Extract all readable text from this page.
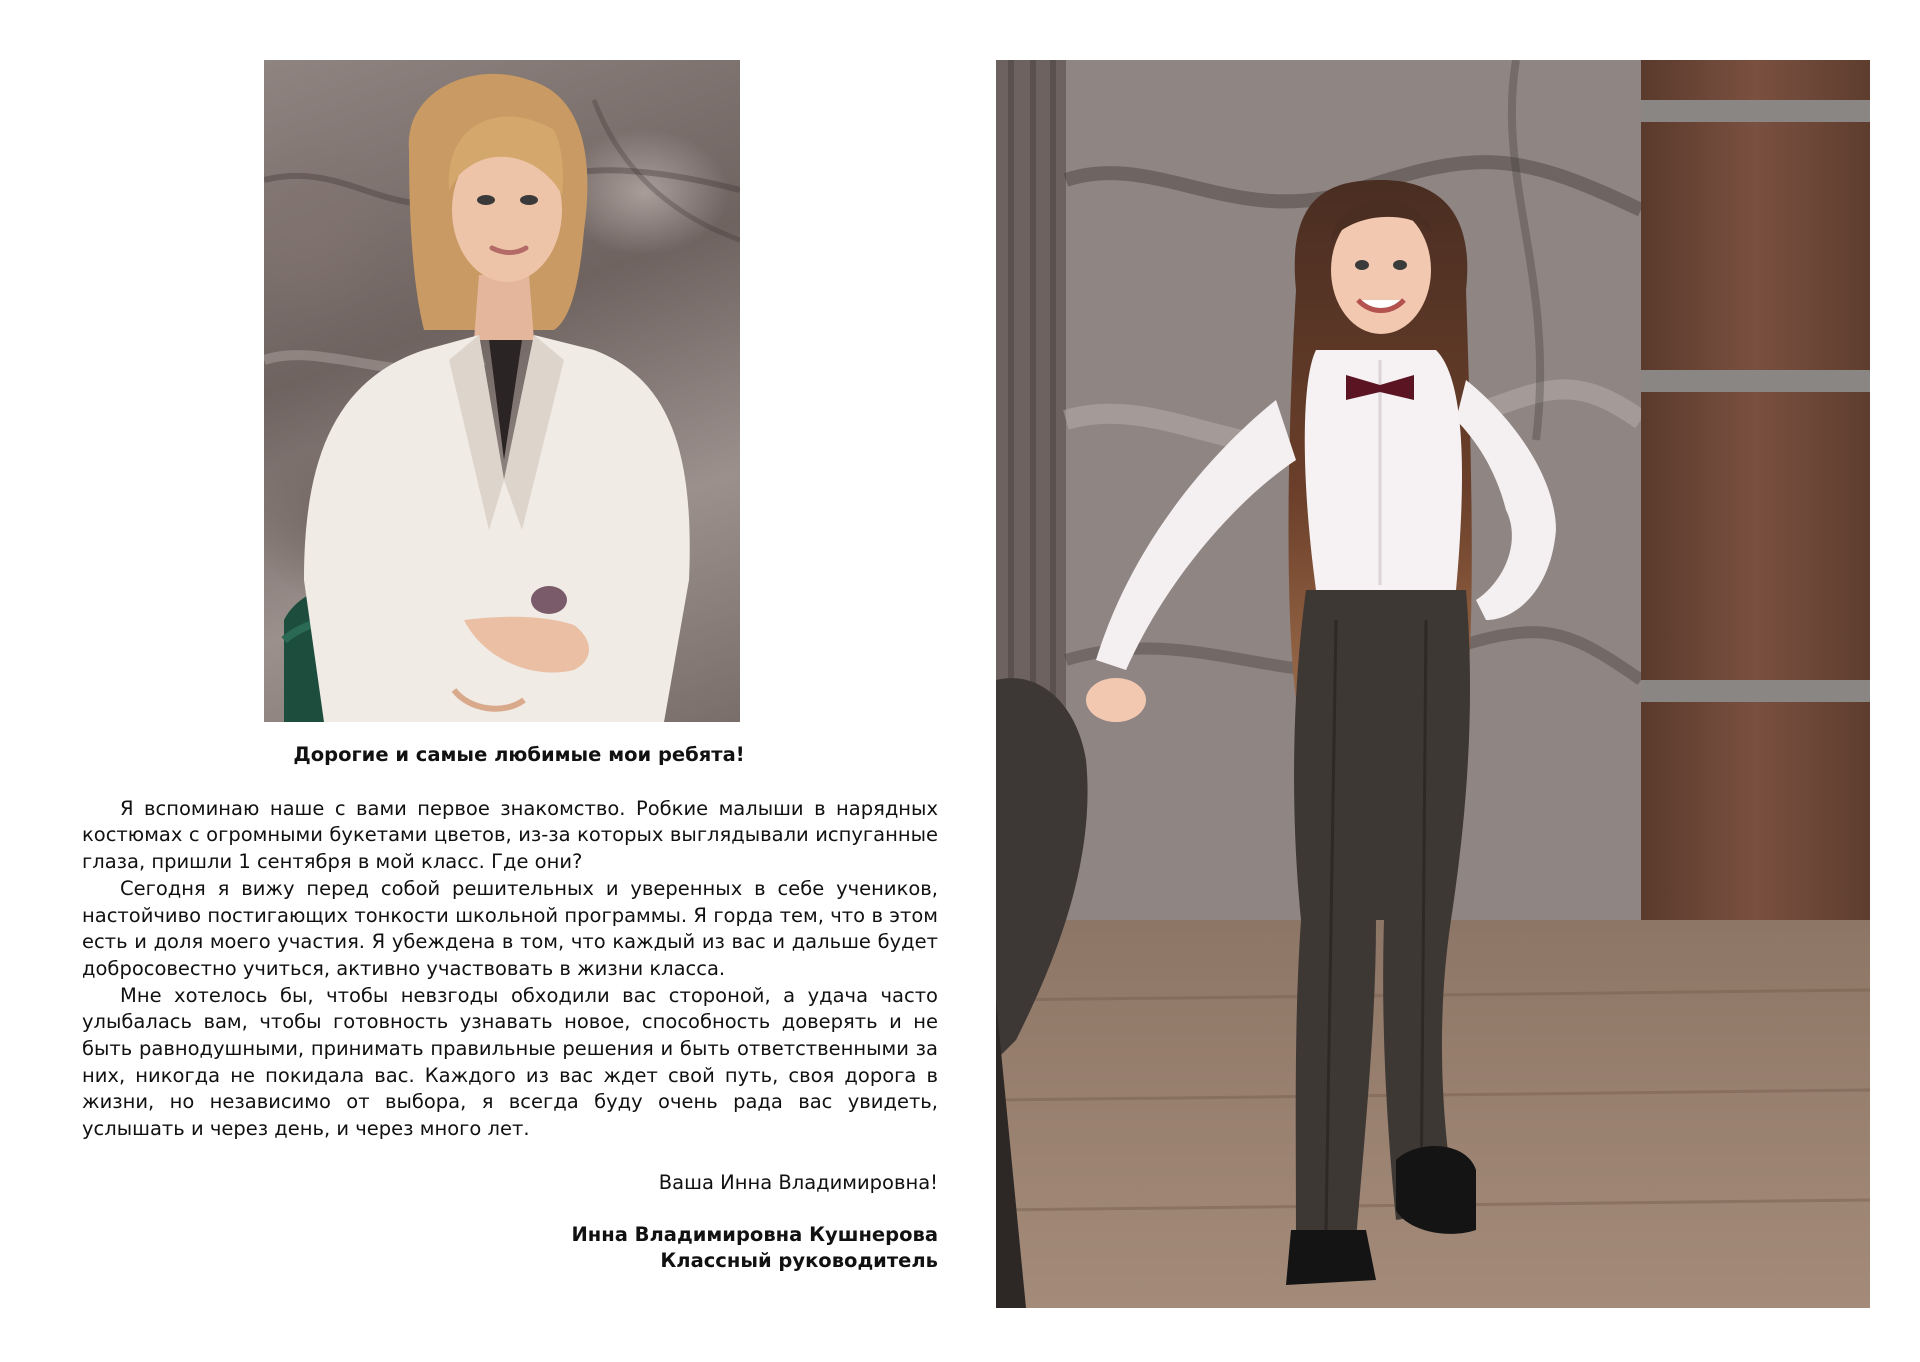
Дорогие и самые любимые мои ребята!

Я вспоминаю наше с вами первое знакомство. Робкие малыши в нарядных костюмах с огромными букетами цветов, из-за которых выглядывали испуганные глаза, пришли 1 сентября в мой класс. Где они?

Сегодня я вижу перед собой решительных и уверенных в себе учеников, настойчиво постигающих тонкости школьной программы. Я горда тем, что в этом есть и доля моего участия. Я убеждена в том, что каждый из вас и дальше будет добросовестно учиться, активно участвовать в жизни класса.

Мне хотелось бы, чтобы невзгоды обходили вас стороной, а удача часто улыбалась вам, чтобы готовность узнавать новое, способность доверять и не быть равнодушными, принимать правильные решения и быть ответственными за них, никогда не покидала вас. Каждого из вас ждет свой путь, своя дорога в жизни, но независимо от выбора, я всегда буду очень рада вас увидеть, услышать и через день, и через много лет.

Ваша Инна Владимировна!
Инна Владимировна Кушнерова
Классный руководитель
